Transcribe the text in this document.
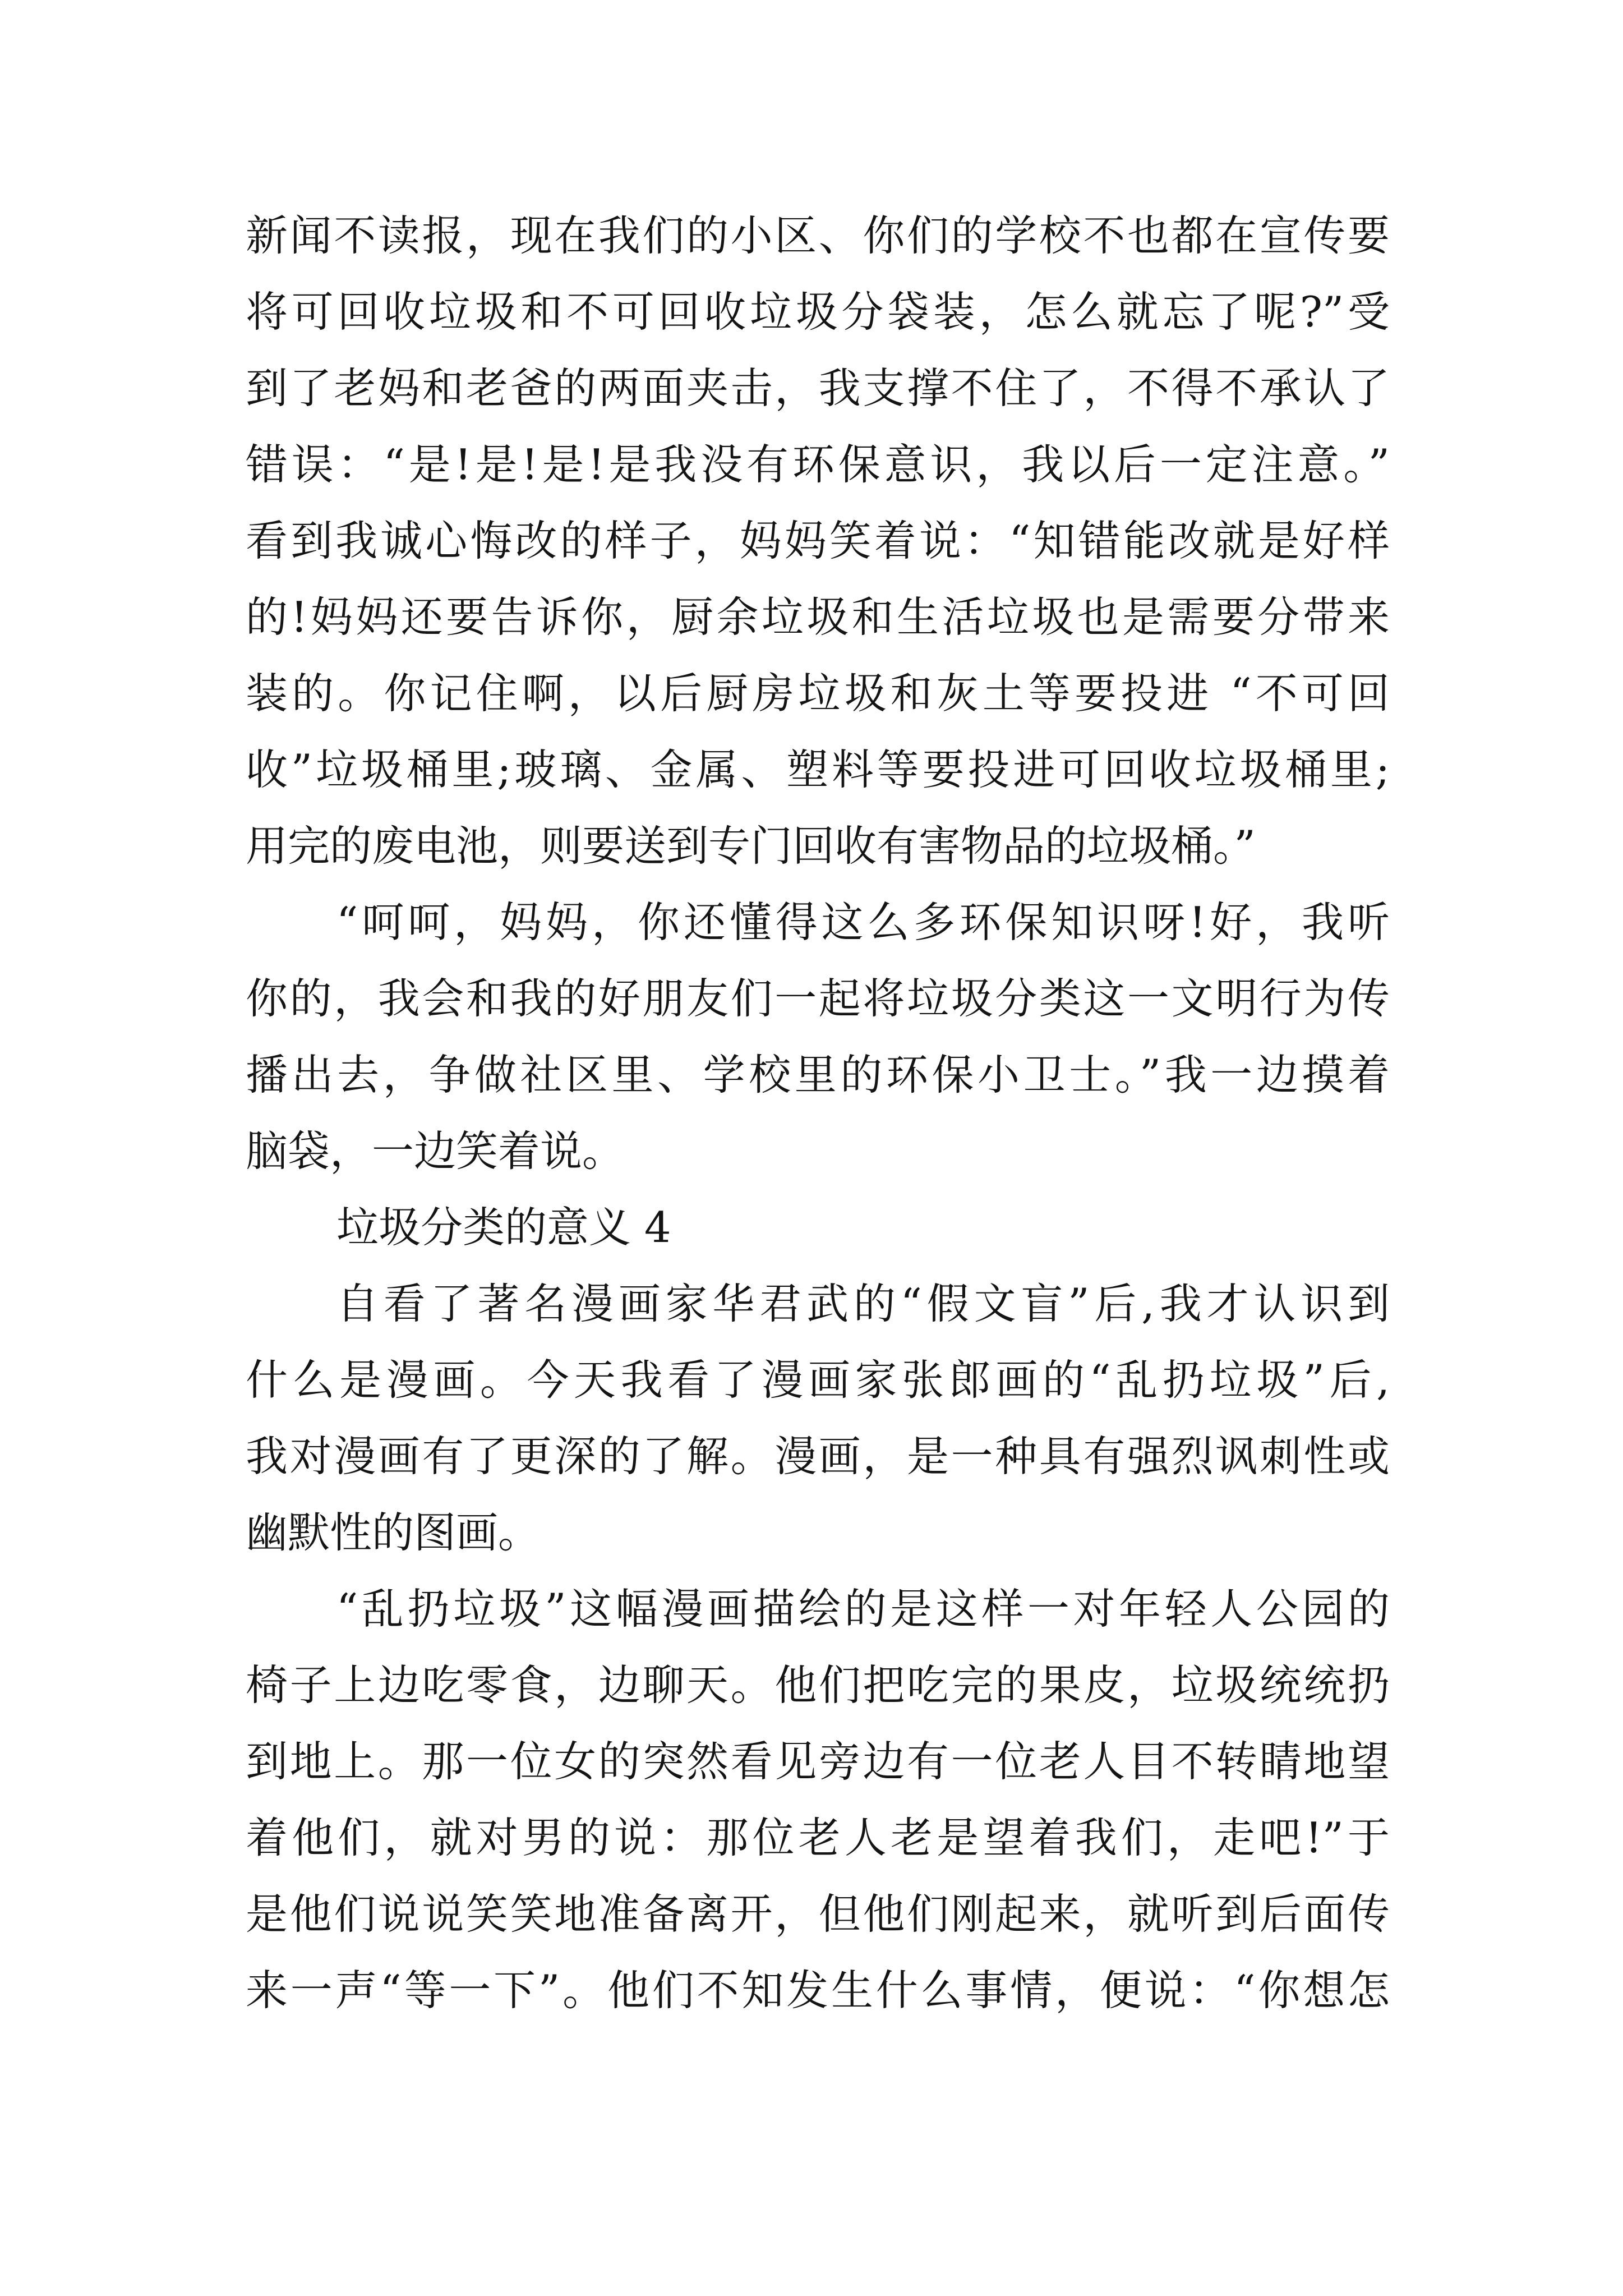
新闻不读报，现在我们的小区、你们的学校不也都在宣传要
将可回收垃圾和不可回收垃圾分袋装，怎么就忘了呢?”受
到了老妈和老爸的两面夹击，我支撑不住了，不得不承认了
错误：“是!是!是!是我没有环保意识，我以后一定注意。”
看到我诚心悔改的样子，妈妈笑着说：“知错能改就是好样
的!妈妈还要告诉你，厨余垃圾和生活垃圾也是需要分带来
装的。你记住啊，以后厨房垃圾和灰土等要投进 “不可回
收”垃圾桶里;玻璃、金属、塑料等要投进可回收垃圾桶里;
用完的废电池，则要送到专门回收有害物品的垃圾桶。”
“呵呵，妈妈，你还懂得这么多环保知识呀!好，我听
你的，我会和我的好朋友们一起将垃圾分类这一文明行为传
播出去，争做社区里、学校里的环保小卫士。”我一边摸着
脑袋，一边笑着说。
垃圾分类的意义 4
自看了著名漫画家华君武的“假文盲”后,我才认识到
什么是漫画。今天我看了漫画家张郎画的“乱扔垃圾”后,
我对漫画有了更深的了解。漫画，是一种具有强烈讽刺性或
幽默性的图画。
“乱扔垃圾”这幅漫画描绘的是这样一对年轻人公园的
椅子上边吃零食，边聊天。他们把吃完的果皮，垃圾统统扔
到地上。那一位女的突然看见旁边有一位老人目不转睛地望
着他们，就对男的说：那位老人老是望着我们，走吧!”于
是他们说说笑笑地准备离开，但他们刚起来，就听到后面传
来一声“等一下”。他们不知发生什么事情，便说：“你想怎
